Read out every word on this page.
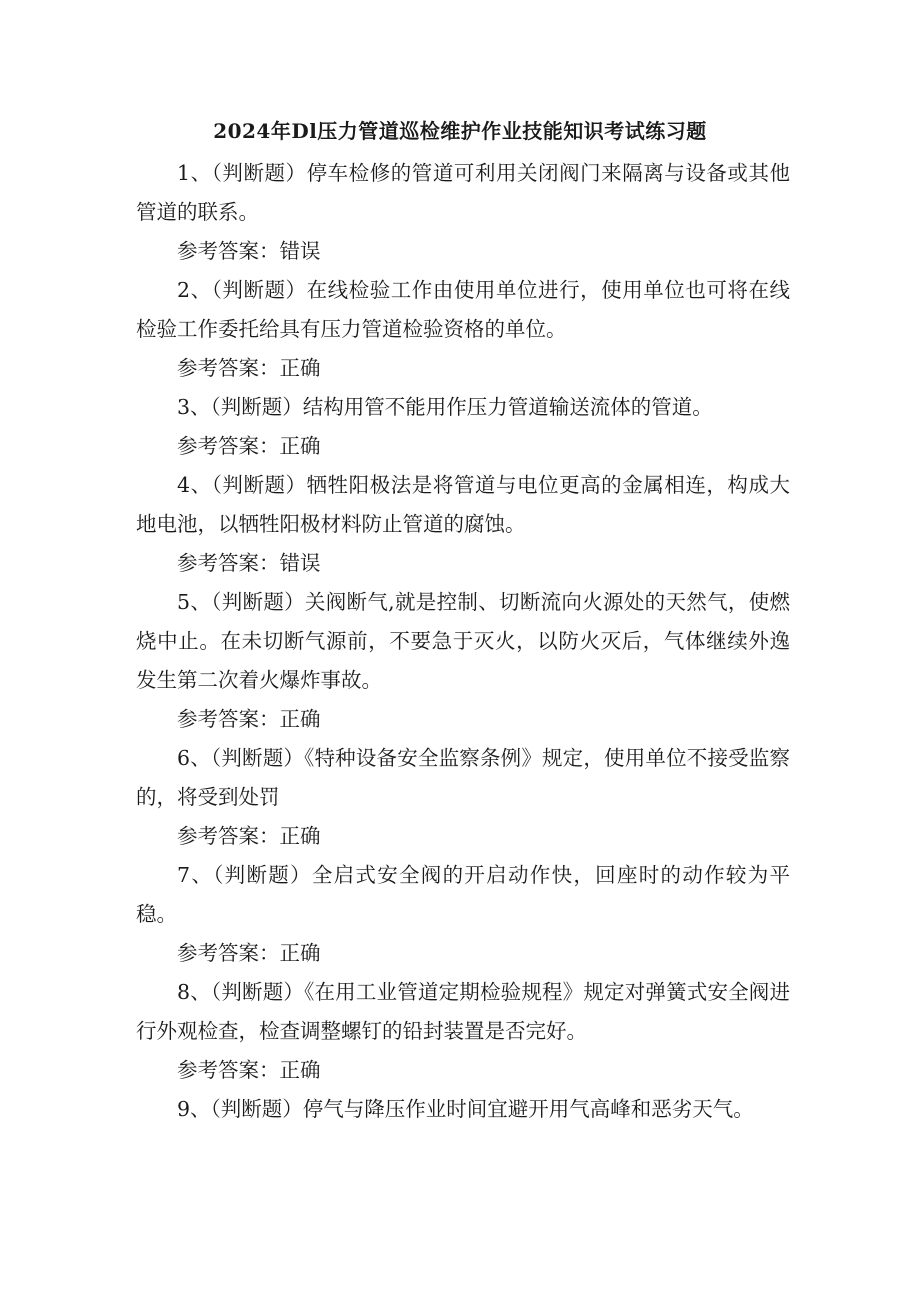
2024年Dl压力管道巡检维护作业技能知识考试练习题

1、（判断题）停车检修的管道可利用关闭阀门来隔离与设备或其他管道的联系。

参考答案：错误

2、（判断题）在线检验工作由使用单位进行，使用单位也可将在线检验工作委托给具有压力管道检验资格的单位。

参考答案：正确

3、（判断题）结构用管不能用作压力管道输送流体的管道。

参考答案：正确

4、（判断题）牺牲阳极法是将管道与电位更高的金属相连，构成大地电池，以牺牲阳极材料防止管道的腐蚀。

参考答案：错误

5、（判断题）关阀断气,就是控制、切断流向火源处的天然气，使燃烧中止。在未切断气源前，不要急于灭火，以防火灭后，气体继续外逸发生第二次着火爆炸事故。

参考答案：正确

6、（判断题）《特种设备安全监察条例》规定，使用单位不接受监察的，将受到处罚

参考答案：正确

7、（判断题）全启式安全阀的开启动作快，回座时的动作较为平稳。

参考答案：正确

8、（判断题）《在用工业管道定期检验规程》规定对弹簧式安全阀进行外观检查，检查调整螺钉的铅封装置是否完好。

参考答案：正确

9、（判断题）停气与降压作业时间宜避开用气高峰和恶劣天气。
